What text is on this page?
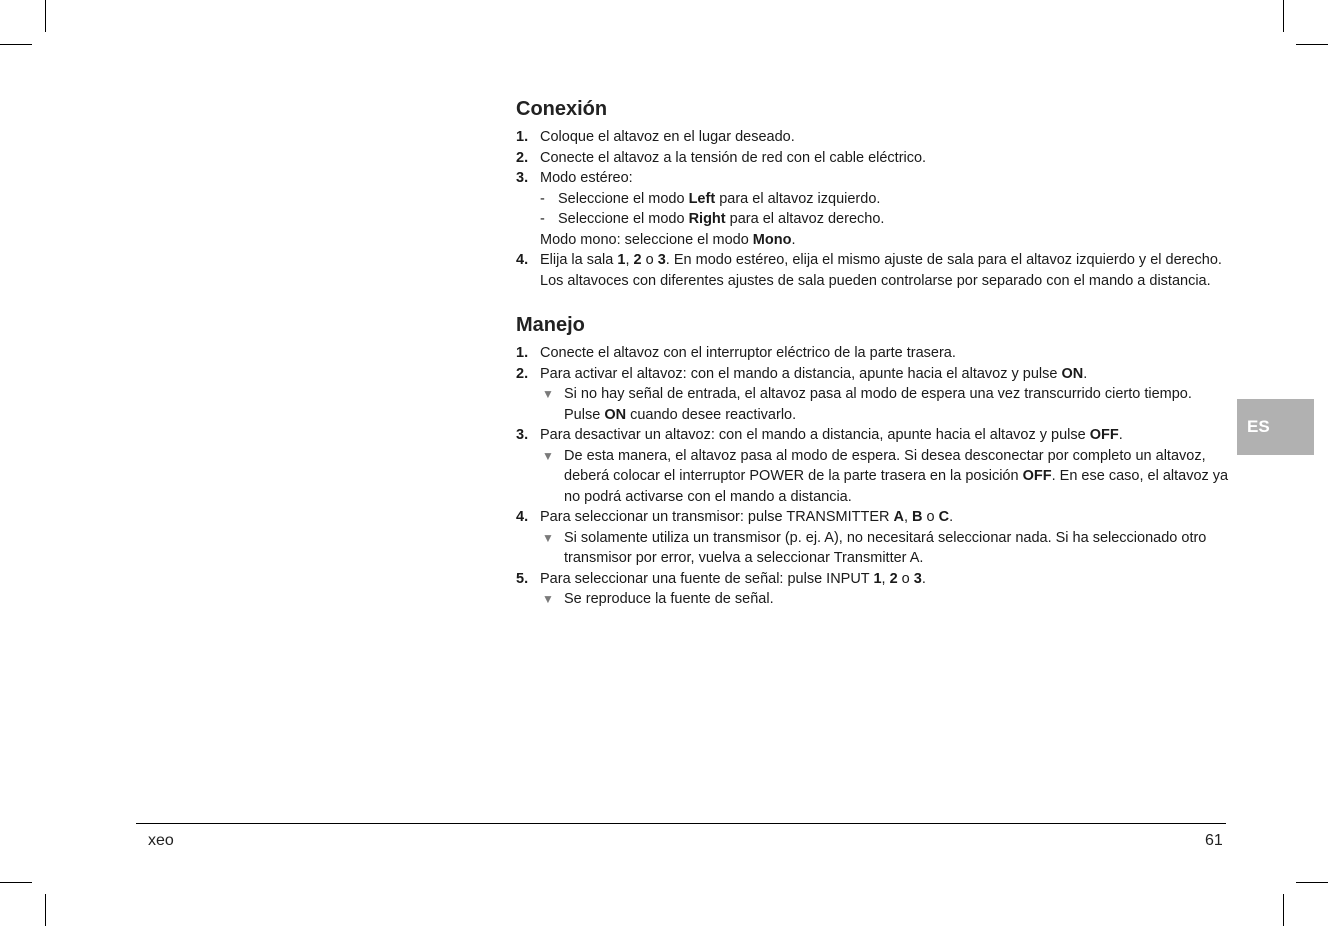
Conexión
1. Coloque el altavoz en el lugar deseado.
2. Conecte el altavoz a la tensión de red con el cable eléctrico.
3. Modo estéreo:
- Seleccione el modo Left para el altavoz izquierdo.
- Seleccione el modo Right para el altavoz derecho.
Modo mono: seleccione el modo Mono.
4. Elija la sala 1, 2 o 3. En modo estéreo, elija el mismo ajuste de sala para el altavoz izquierdo y el derecho. Los altavoces con diferentes ajustes de sala pueden controlarse por separado con el mando a distancia.
Manejo
1. Conecte el altavoz con el interruptor eléctrico de la parte trasera.
2. Para activar el altavoz: con el mando a distancia, apunte hacia el altavoz y pulse ON.
▼ Si no hay señal de entrada, el altavoz pasa al modo de espera una vez transcurrido cierto tiempo. Pulse ON cuando desee reactivarlo.
3. Para desactivar un altavoz: con el mando a distancia, apunte hacia el altavoz y pulse OFF.
▼ De esta manera, el altavoz pasa al modo de espera. Si desea desconectar por completo un altavoz, deberá colocar el interruptor POWER de la parte trasera en la posición OFF. En ese caso, el altavoz ya no podrá activarse con el mando a distancia.
4. Para seleccionar un transmisor: pulse TRANSMITTER A, B o C.
▼ Si solamente utiliza un transmisor (p. ej. A), no necesitará seleccionar nada. Si ha seleccionado otro transmisor por error, vuelva a seleccionar Transmitter A.
5. Para seleccionar una fuente de señal: pulse INPUT 1, 2 o 3.
▼ Se reproduce la fuente de señal.
ES
xeo	61
